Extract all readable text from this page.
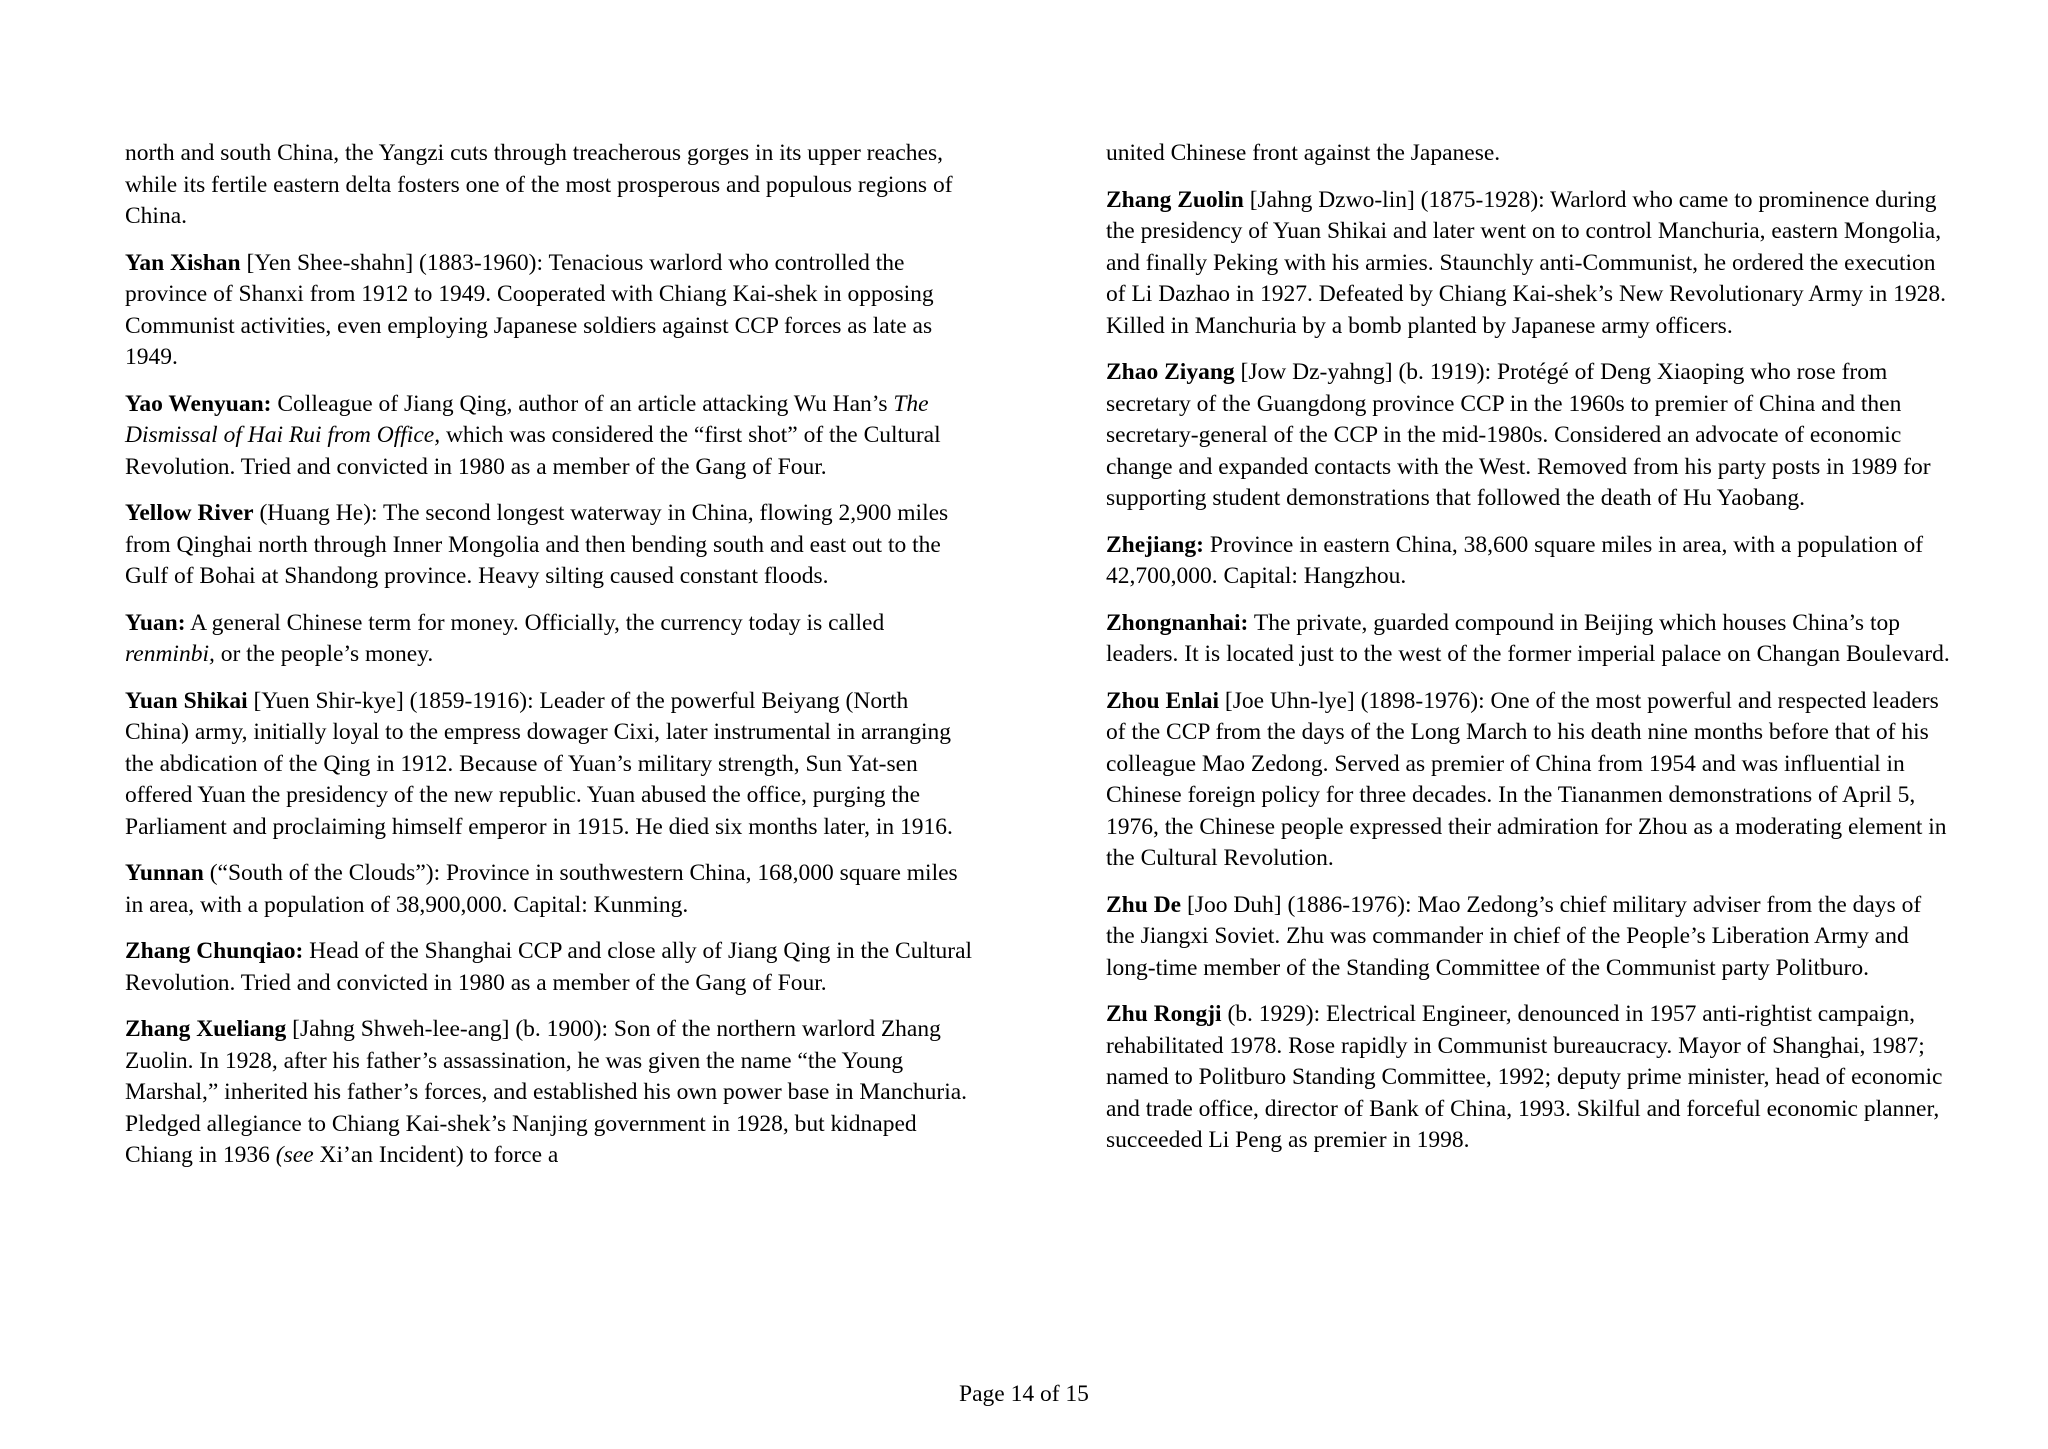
north and south China, the Yangzi cuts through treacherous gorges in its upper reaches, while its fertile eastern delta fosters one of the most prosperous and populous regions of China.

Yan Xishan [Yen Shee-shahn] (1883-1960): Tenacious warlord who controlled the province of Shanxi from 1912 to 1949. Cooperated with Chiang Kai-shek in opposing Communist activities, even employing Japanese soldiers against CCP forces as late as 1949.

Yao Wenyuan: Colleague of Jiang Qing, author of an article attacking Wu Han’s The Dismissal of Hai Rui from Office, which was considered the “first shot” of the Cultural Revolution. Tried and convicted in 1980 as a member of the Gang of Four.

Yellow River (Huang He): The second longest waterway in China, flowing 2,900 miles from Qinghai north through Inner Mongolia and then bending south and east out to the Gulf of Bohai at Shandong province. Heavy silting caused constant floods.

Yuan: A general Chinese term for money. Officially, the currency today is called renminbi, or the people’s money.

Yuan Shikai [Yuen Shir-kye] (1859-1916): Leader of the powerful Beiyang (North China) army, initially loyal to the empress dowager Cixi, later instrumental in arranging the abdication of the Qing in 1912. Because of Yuan’s military strength, Sun Yat-sen offered Yuan the presidency of the new republic. Yuan abused the office, purging the Parliament and proclaiming himself emperor in 1915. He died six months later, in 1916.

Yunnan (“South of the Clouds”): Province in southwestern China, 168,000 square miles in area, with a population of 38,900,000. Capital: Kunming.

Zhang Chunqiao: Head of the Shanghai CCP and close ally of Jiang Qing in the Cultural Revolution. Tried and convicted in 1980 as a member of the Gang of Four.

Zhang Xueliang [Jahng Shweh-lee-ang] (b. 1900): Son of the northern warlord Zhang Zuolin. In 1928, after his father’s assassination, he was given the name “the Young Marshal,” inherited his father’s forces, and established his own power base in Manchuria. Pledged allegiance to Chiang Kai-shek’s Nanjing government in 1928, but kidnaped Chiang in 1936 (see Xi’an Incident) to force a

united Chinese front against the Japanese.

Zhang Zuolin [Jahng Dzwo-lin] (1875-1928): Warlord who came to prominence during the presidency of Yuan Shikai and later went on to control Manchuria, eastern Mongolia, and finally Peking with his armies. Staunchly anti-Communist, he ordered the execution of Li Dazhao in 1927. Defeated by Chiang Kai-shek’s New Revolutionary Army in 1928. Killed in Manchuria by a bomb planted by Japanese army officers.

Zhao Ziyang [Jow Dz-yahng] (b. 1919): Protégé of Deng Xiaoping who rose from secretary of the Guangdong province CCP in the 1960s to premier of China and then secretary-general of the CCP in the mid-1980s. Considered an advocate of economic change and expanded contacts with the West. Removed from his party posts in 1989 for supporting student demonstrations that followed the death of Hu Yaobang.

Zhejiang: Province in eastern China, 38,600 square miles in area, with a population of 42,700,000. Capital: Hangzhou.

Zhongnanhai: The private, guarded compound in Beijing which houses China’s top leaders. It is located just to the west of the former imperial palace on Changan Boulevard.

Zhou Enlai [Joe Uhn-lye] (1898-1976): One of the most powerful and respected leaders of the CCP from the days of the Long March to his death nine months before that of his colleague Mao Zedong. Served as premier of China from 1954 and was influential in Chinese foreign policy for three decades. In the Tiananmen demonstrations of April 5, 1976, the Chinese people expressed their admiration for Zhou as a moderating element in the Cultural Revolution.

Zhu De [Joo Duh] (1886-1976): Mao Zedong’s chief military adviser from the days of the Jiangxi Soviet. Zhu was commander in chief of the People’s Liberation Army and long-time member of the Standing Committee of the Communist party Politburo.

Zhu Rongji (b. 1929): Electrical Engineer, denounced in 1957 anti-rightist campaign, rehabilitated 1978. Rose rapidly in Communist bureaucracy. Mayor of Shanghai, 1987; named to Politburo Standing Committee, 1992; deputy prime minister, head of economic and trade office, director of Bank of China, 1993. Skilful and forceful economic planner, succeeded Li Peng as premier in 1998.

Page 14 of 15
